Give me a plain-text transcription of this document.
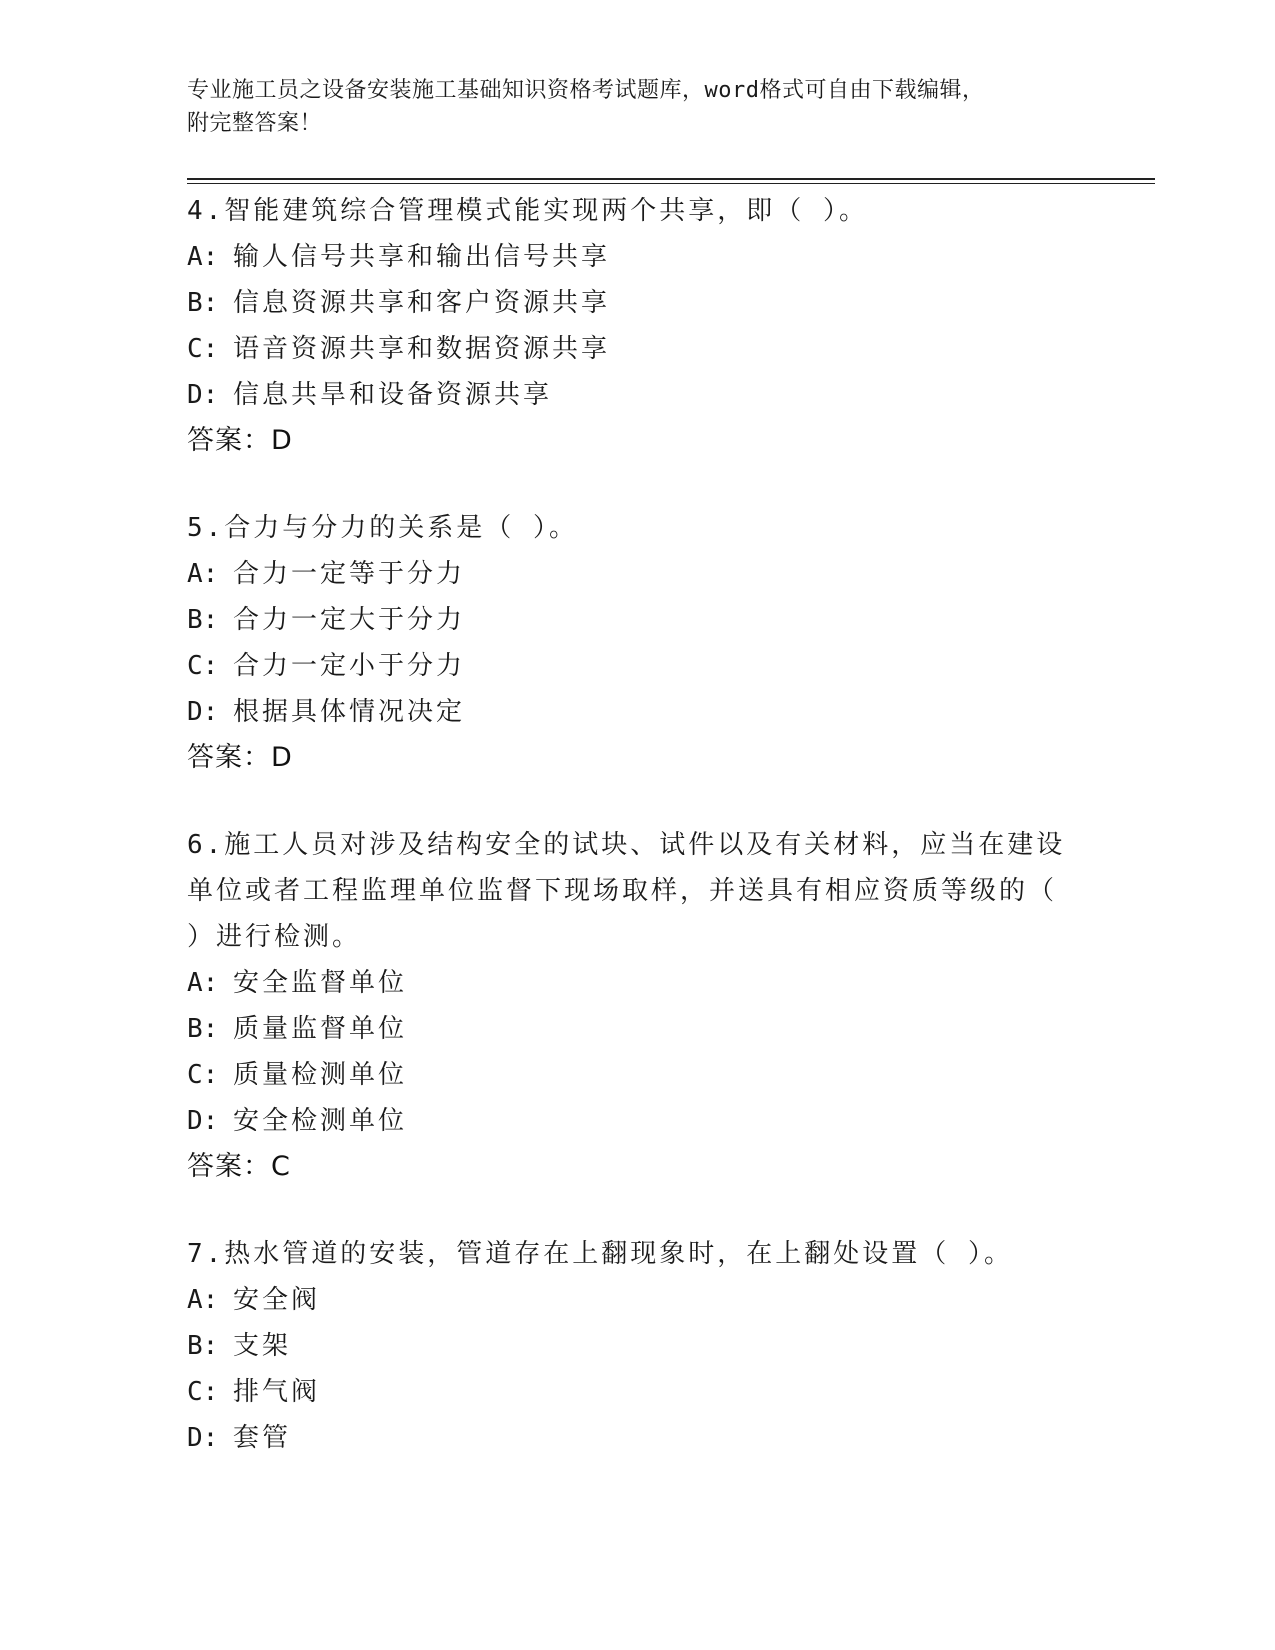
专业施工员之设备安装施工基础知识资格考试题库，word格式可自由下载编辑，
附完整答案！
4.智能建筑综合管理模式能实现两个共享，即（ ）。
A: 输人信号共享和输出信号共享
B: 信息资源共享和客户资源共享
C: 语音资源共享和数据资源共享
D: 信息共旱和设备资源共享
答案：D
5.合力与分力的关系是（ ）。
A: 合力一定等于分力
B: 合力一定大于分力
C: 合力一定小于分力
D: 根据具体情况决定
答案：D
6.施工人员对涉及结构安全的试块、试件以及有关材料，应当在建设单位或者工程监理单位监督下现场取样，并送具有相应资质等级的（ ）进行检测。
A: 安全监督单位
B: 质量监督单位
C: 质量检测单位
D: 安全检测单位
答案：C
7.热水管道的安装，管道存在上翻现象时，在上翻处设置（ ）。
A: 安全阀
B: 支架
C: 排气阀
D: 套管
